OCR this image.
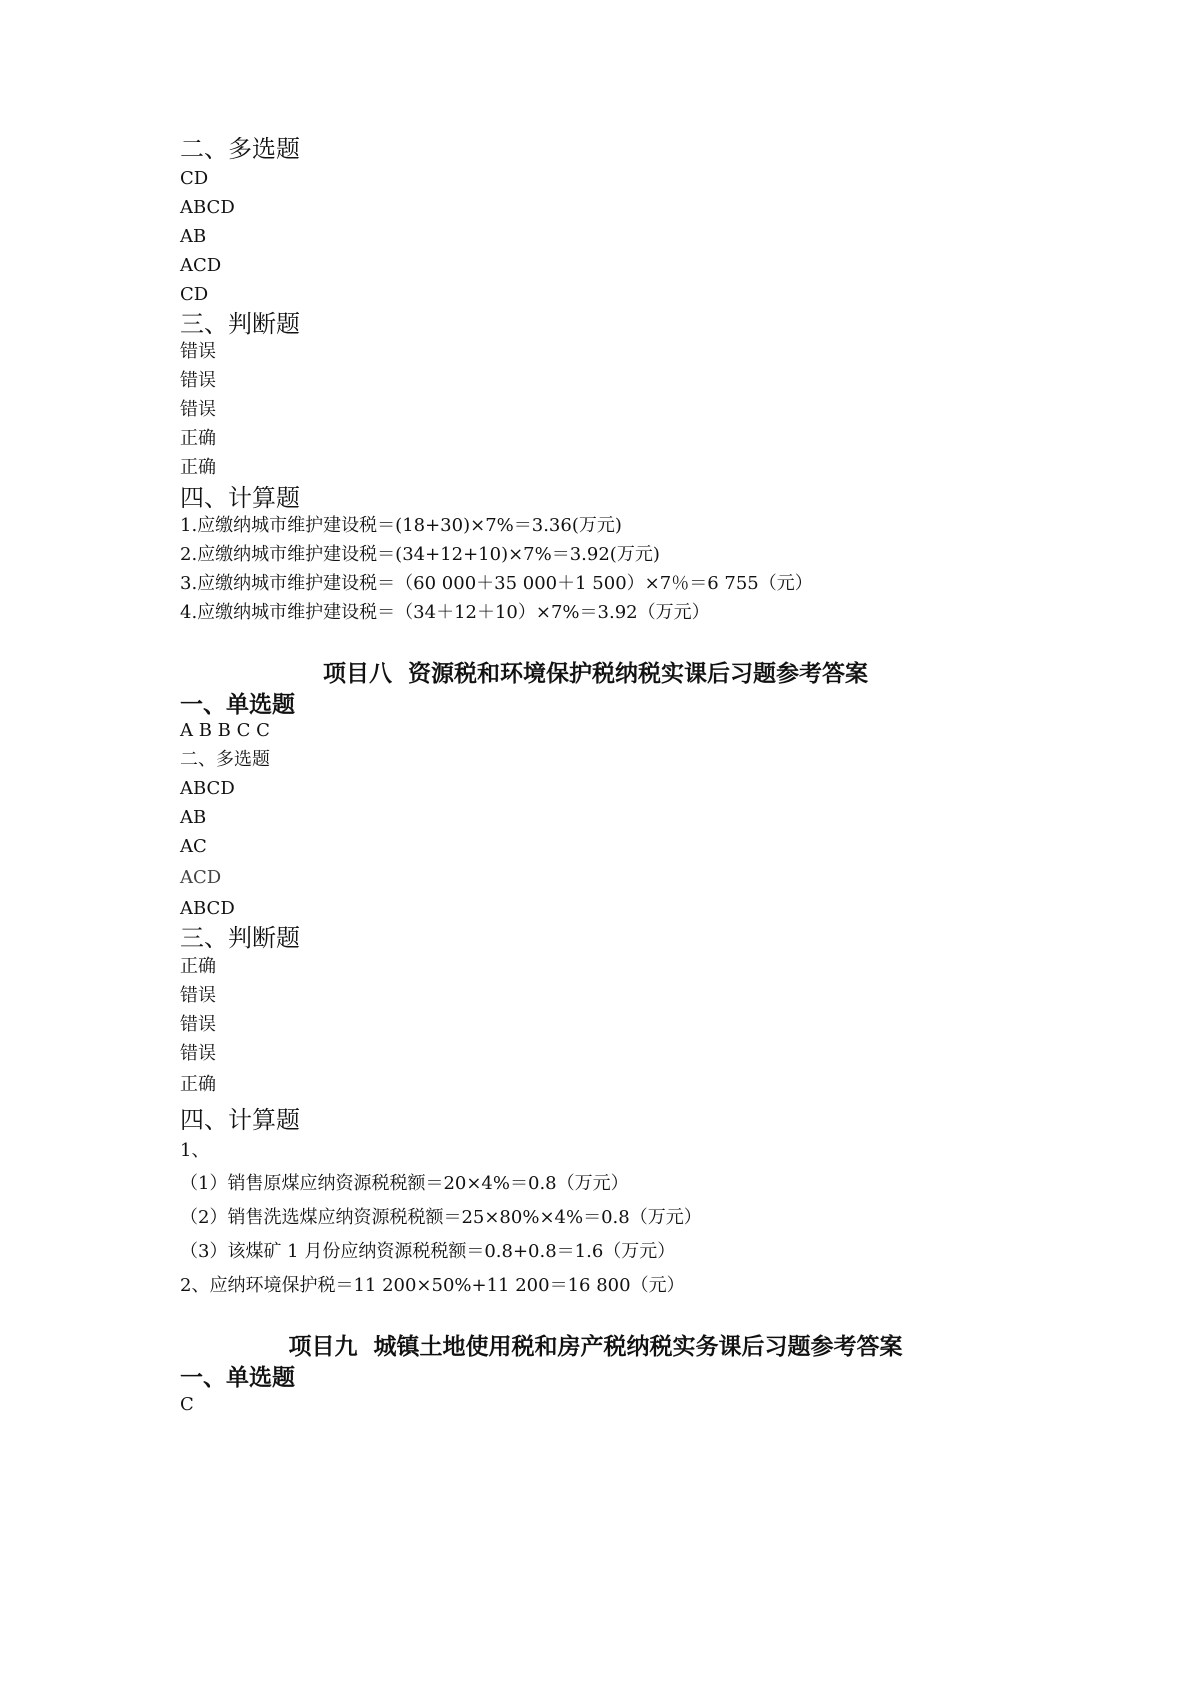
二、多选题
CD
ABCD
AB
ACD
CD
三、判断题
错误
错误
错误
正确
正确
四、计算题
1.应缴纳城市维护建设税＝(18+30)×7%＝3.36(万元)
2.应缴纳城市维护建设税＝(34+12+10)×7%＝3.92(万元)
3.应缴纳城市维护建设税＝（60 000＋35 000＋1 500）×7％＝6 755（元）
4.应缴纳城市维护建设税＝（34＋12＋10）×7%＝3.92（万元）
项目八  资源税和环境保护税纳税实课后习题参考答案
一、单选题
A B B C C
二、多选题
ABCD
AB
AC
ACD
ABCD
三、判断题
正确
错误
错误
错误
正确
四、计算题
1、
（1）销售原煤应纳资源税税额＝20×4%＝0.8（万元）
（2）销售洗选煤应纳资源税税额＝25×80%×4%＝0.8（万元）
（3）该煤矿 1 月份应纳资源税税额＝0.8+0.8＝1.6（万元）
2、应纳环境保护税＝11 200×50%+11 200＝16 800（元）
项目九  城镇土地使用税和房产税纳税实务课后习题参考答案
一、单选题
C
